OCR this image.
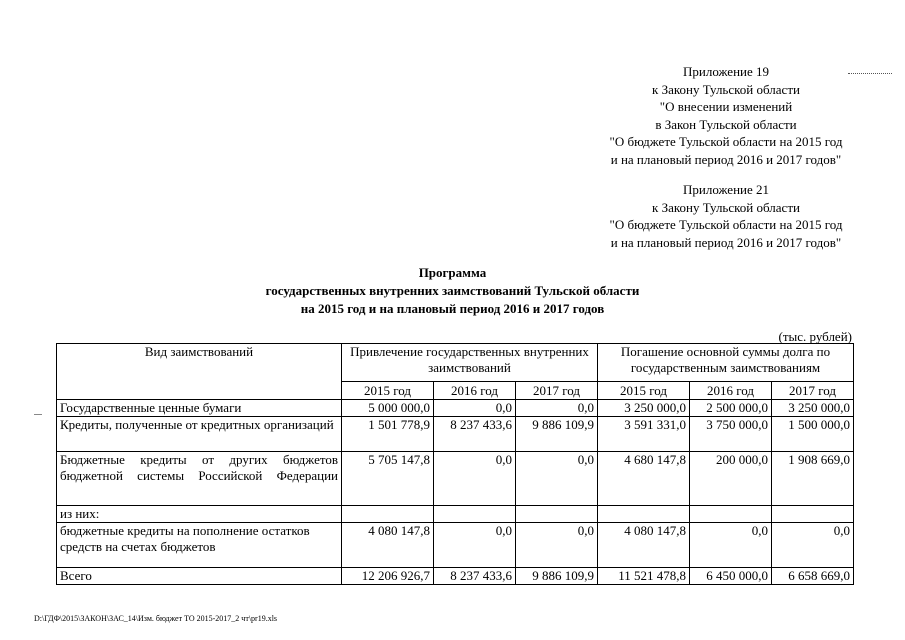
Приложение 19
к Закону Тульской области
"О внесении изменений
в Закон Тульской области
"О бюджете Тульской области на 2015 год
и на плановый период 2016 и 2017 годов"
Приложение 21
к Закону Тульской области
"О бюджете Тульской области на 2015 год
и на плановый период 2016 и 2017 годов"
Программа
государственных внутренних заимствований Тульской области
на 2015 год и на плановый период 2016 и 2017 годов
(тыс. рублей)
Вид заимствований	Привлечение государственных внутренних заимствований			Погашение основной суммы долга по государственным заимствованиям		
	2015 год	2016 год	2017 год	2015 год	2016 год	2017 год
Государственные ценные бумаги	5 000 000,0	0,0	0,0	3 250 000,0	2 500 000,0	3 250 000,0
Кредиты, полученные от кредитных организаций	1 501 778,9	8 237 433,6	9 886 109,9	3 591 331,0	3 750 000,0	1 500 000,0
Бюджетные кредиты от других бюджетов бюджетной системы Российской Федерации	5 705 147,8	0,0	0,0	4 680 147,8	200 000,0	1 908 669,0
из них:						
бюджетные кредиты на пополнение остатков средств на счетах бюджетов	4 080 147,8	0,0	0,0	4 080 147,8	0,0	0,0
Всего	12 206 926,7	8 237 433,6	9 886 109,9	11 521 478,8	6 450 000,0	6 658 669,0
D:\ГДФ\2015\ЗАКОН\ЗАС_14\Изм. бюджет ТО 2015-2017_2 чт\pr19.xls
